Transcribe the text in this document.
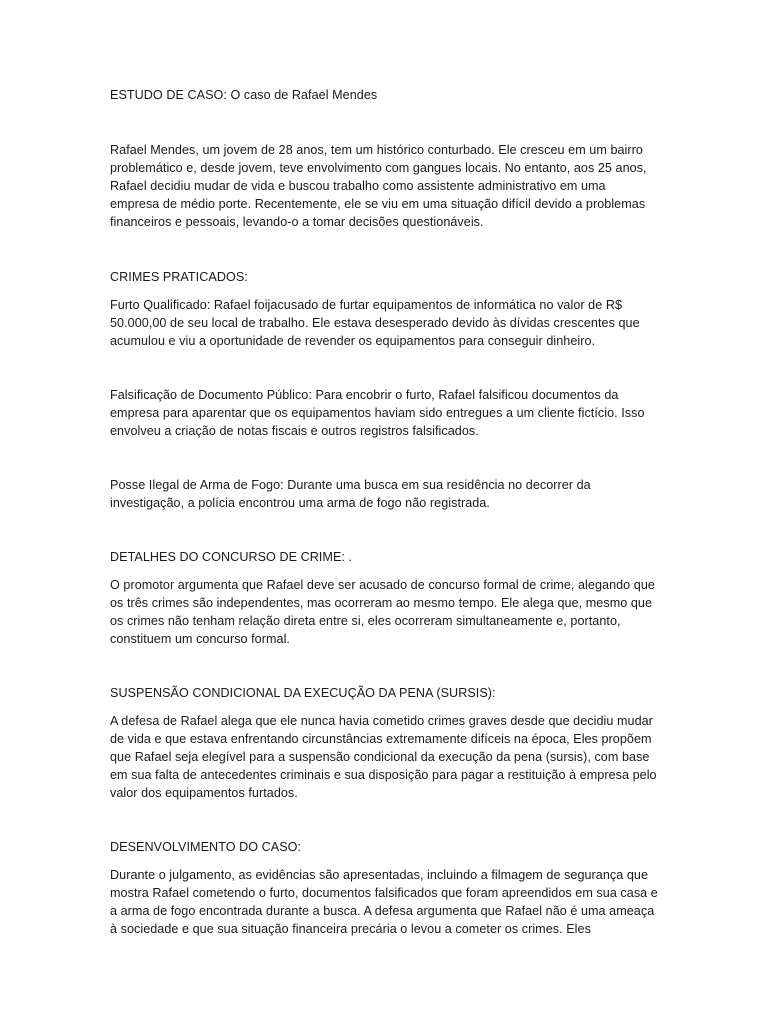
ESTUDO DE CASO: O caso de Rafael Mendes

Rafael Mendes, um jovem de 28 anos, tem um histórico conturbado. Ele cresceu em um bairro problemático e, desde jovem, teve envolvimento com gangues locais. No entanto, aos 25 anos, Rafael decidiu mudar de vida e buscou trabalho como assistente administrativo em uma empresa de médio porte. Recentemente, ele se viu em uma situação difícil devido a problemas financeiros e pessoais, levando-o a tomar decisões questionáveis.

CRIMES PRATICADOS:

Furto Qualificado: Rafael foijacusado de furtar equipamentos de informática no valor de R$ 50.000,00 de seu local de trabalho. Ele estava desesperado devido às dívidas crescentes que acumulou e viu a oportunidade de revender os equipamentos para conseguir dinheiro.

Falsificação de Documento Público: Para encobrir o furto, Rafael falsificou documentos da empresa para aparentar que os equipamentos haviam sido entregues a um cliente fictício. Isso envolveu a criação de notas fiscais e outros registros falsificados.

Posse Ilegal de Arma de Fogo: Durante uma busca em sua residência no decorrer da investigação, a polícia encontrou uma arma de fogo não registrada.

DETALHES DO CONCURSO DE CRIME: .

O promotor argumenta que Rafael deve ser acusado de concurso formal de crime, alegando que os três crimes são independentes, mas ocorreram ao mesmo tempo. Ele alega que, mesmo que os crimes não tenham relação direta entre si, eles ocorreram simultaneamente e, portanto, constituem um concurso formal.

SUSPENSÃO CONDICIONAL DA EXECUÇÃO DA PENA (SURSIS):

A defesa de Rafael alega que ele nunca havia cometido crimes graves desde que decidiu mudar de vida e que estava enfrentando circunstâncias extremamente difíceis na época, Eles propõem que Rafael seja elegível para a suspensão condicional da execução da pena (sursis), com base em sua falta de antecedentes criminais e sua disposição para pagar a restituição à empresa pelo valor dos equipamentos furtados.

DESENVOLVIMENTO DO CASO:

Durante o julgamento, as evidências são apresentadas, incluindo a filmagem de segurança que mostra Rafael cometendo o furto, documentos falsificados que foram apreendidos em sua casa e a arma de fogo encontrada durante a busca. A defesa argumenta que Rafael não é uma ameaça à sociedade e que sua situação financeira precária o levou a cometer os crimes. Eles
